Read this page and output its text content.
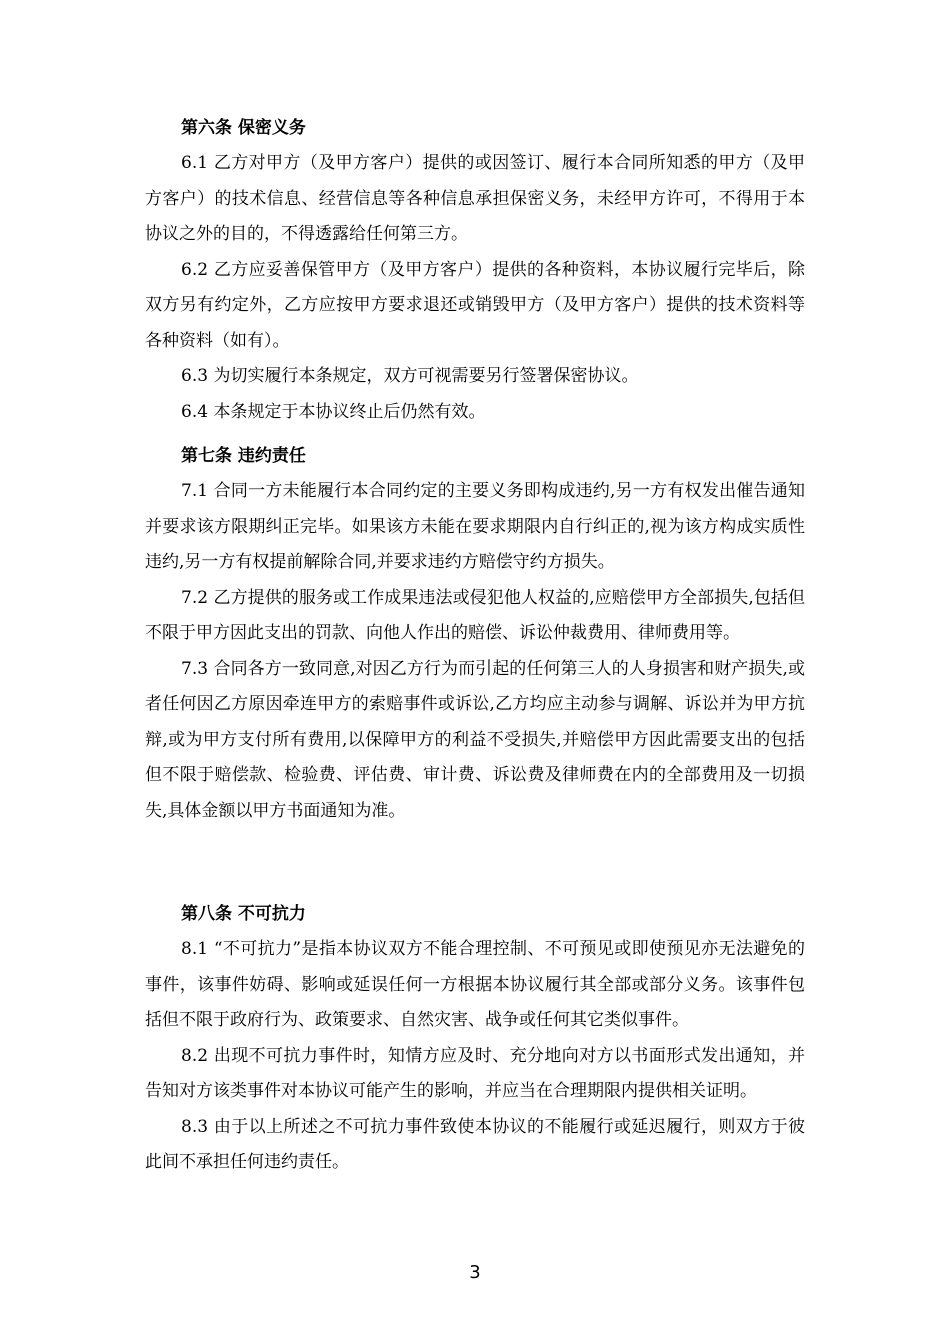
第六条 保密义务

6.1 乙方对甲方（及甲方客户）提供的或因签订、履行本合同所知悉的甲方（及甲方客户）的技术信息、经营信息等各种信息承担保密义务，未经甲方许可，不得用于本协议之外的目的，不得透露给任何第三方。

6.2 乙方应妥善保管甲方（及甲方客户）提供的各种资料，本协议履行完毕后，除双方另有约定外，乙方应按甲方要求退还或销毁甲方（及甲方客户）提供的技术资料等各种资料（如有）。

6.3 为切实履行本条规定，双方可视需要另行签署保密协议。

6.4 本条规定于本协议终止后仍然有效。

第七条 违约责任

7.1 合同一方未能履行本合同约定的主要义务即构成违约,另一方有权发出催告通知并要求该方限期纠正完毕。如果该方未能在要求期限内自行纠正的,视为该方构成实质性违约,另一方有权提前解除合同,并要求违约方赔偿守约方损失。

7.2 乙方提供的服务或工作成果违法或侵犯他人权益的,应赔偿甲方全部损失,包括但不限于甲方因此支出的罚款、向他人作出的赔偿、诉讼仲裁费用、律师费用等。

7.3 合同各方一致同意,对因乙方行为而引起的任何第三人的人身损害和财产损失,或者任何因乙方原因牵连甲方的索赔事件或诉讼,乙方均应主动参与调解、诉讼并为甲方抗辩,或为甲方支付所有费用,以保障甲方的利益不受损失,并赔偿甲方因此需要支出的包括但不限于赔偿款、检验费、评估费、审计费、诉讼费及律师费在内的全部费用及一切损失,具体金额以甲方书面通知为准。

第八条 不可抗力

8.1 “不可抗力”是指本协议双方不能合理控制、不可预见或即使预见亦无法避免的事件，该事件妨碍、影响或延误任何一方根据本协议履行其全部或部分义务。该事件包括但不限于政府行为、政策要求、自然灾害、战争或任何其它类似事件。

8.2 出现不可抗力事件时，知情方应及时、充分地向对方以书面形式发出通知，并告知对方该类事件对本协议可能产生的影响，并应当在合理期限内提供相关证明。

8.3 由于以上所述之不可抗力事件致使本协议的不能履行或延迟履行，则双方于彼此间不承担任何违约责任。

3
